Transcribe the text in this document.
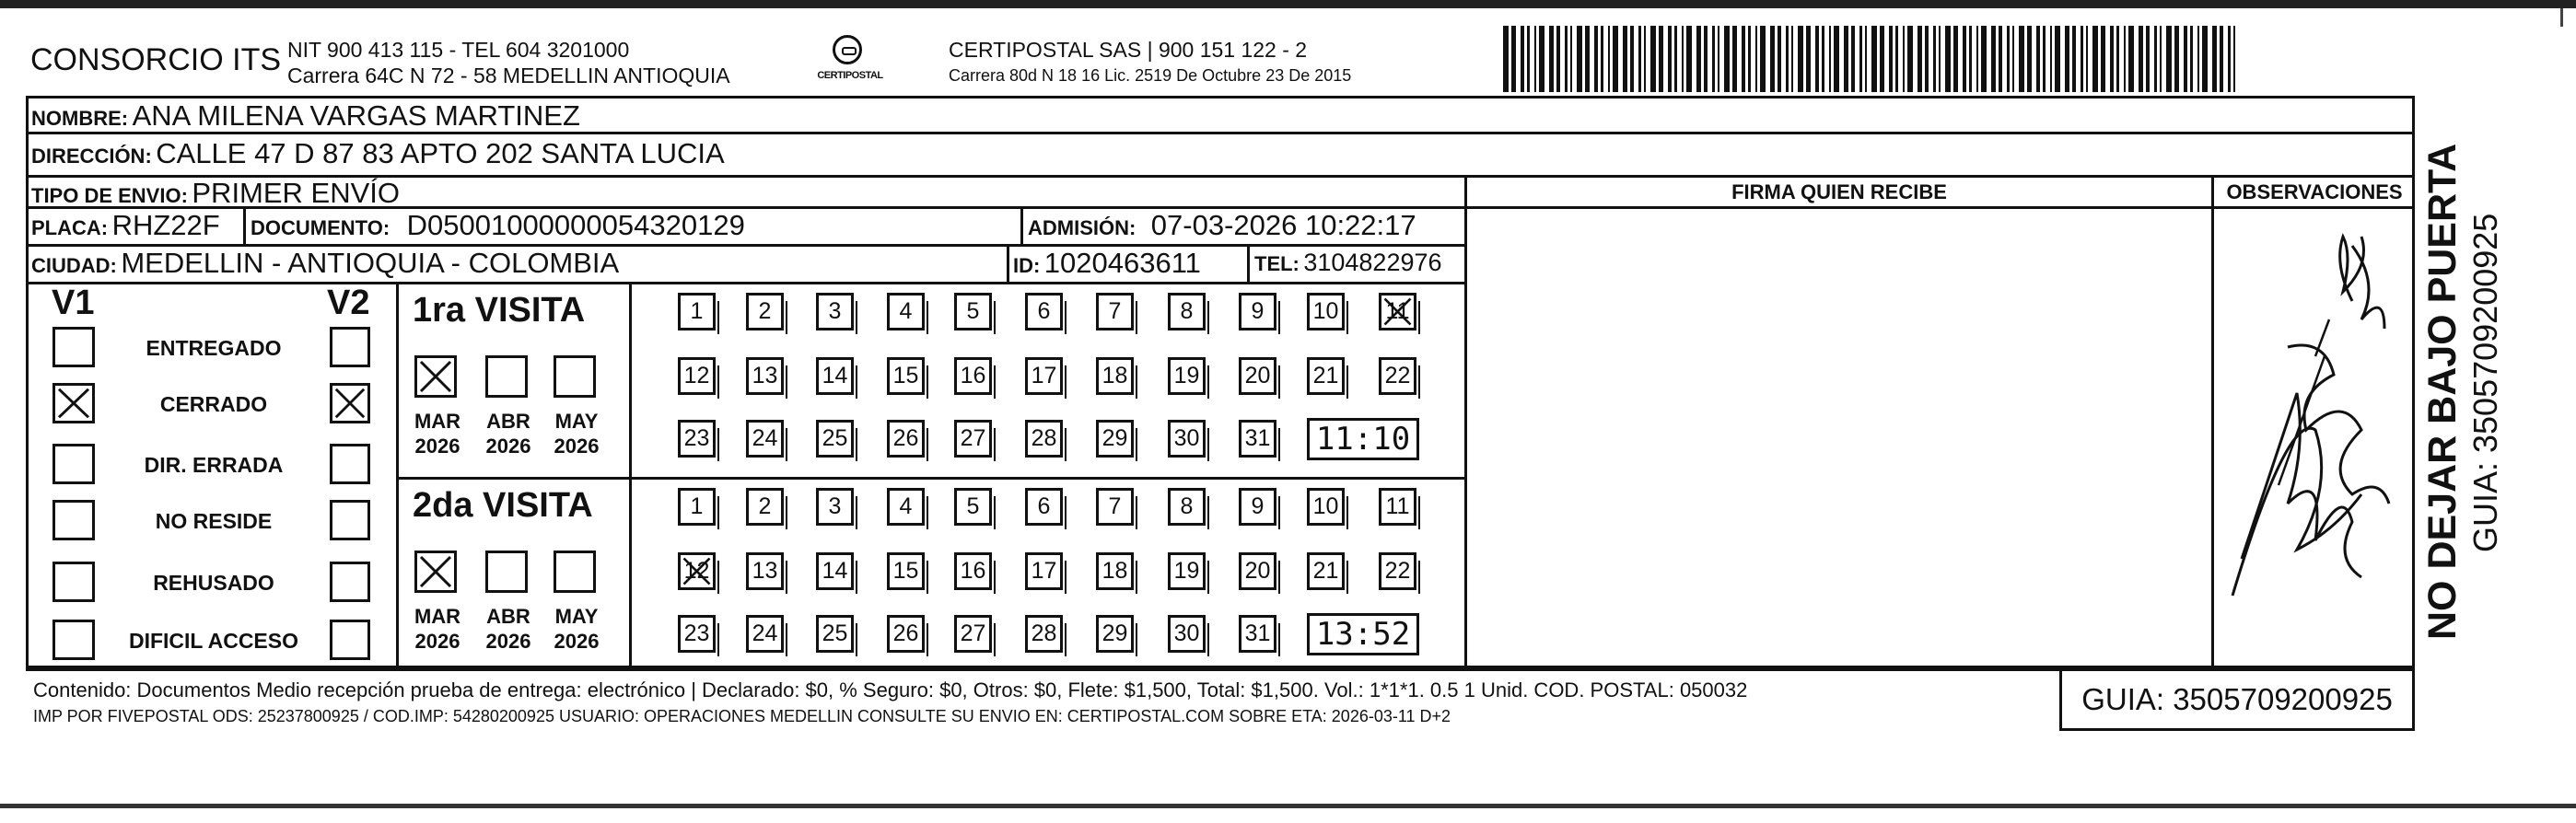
CONSORCIO ITS NIT 900 413 115 - TEL 604 3201000
Carrera 64C N 72 - 58 MEDELLIN ANTIOQUIA	CERTIPOSTAL
CERTIPOSTAL SAS | 900 151 122 - 2
Carrera 80d N 18 16 Lic. 2519 De Octubre 23 De 2015
NOMBRE: ANA MILENA VARGAS MARTINEZ
DIRECCIÓN: CALLE 47 D 87 83 APTO 202 SANTA LUCIA
TIPO DE ENVIO: PRIMER ENVÍO
PLACA: RHZ22F DOCUMENTO: D05001000000054320129	ADMISIÓN: 07-03-2026 10:22:17
CIUDAD: MEDELLIN - ANTIOQUIA - COLOMBIA	ID: 1020463611	TEL: 3104822976
FIRMA QUIEN RECIBE	OBSERVACIONES
V1	V2
ENTREGADO
CERRADO
DIR. ERRADA
NO RESIDE
REHUSADO
DIFICIL ACCESO
1ra VISITA
MAR
2026
ABR
2026
MAY
2026
1 2 3	4 5	6	7	8	9 10 11
12 13 14 15 16 17 18 19 20 21 22
23 24 25 26 27 28 29 30 31 11:10
2da VISITA
MAR
2026
ABR
2026
MAY
2026
1 2 3	4 5	6	7	8	9 10 11
12 13 14 15 16 17 18 19 20 21 22
23 24 25 26 27 28 29 30 31 13:52
Contenido: Documentos Medio recepción prueba de entrega: electrónico | Declarado: $0, % Seguro: $0, Otros: $0, Flete: $1,500, Total: $1,500. Vol.: 1*1*1. 0.5 1 Unid. COD. POSTAL: 050032
IMP POR FIVEPOSTAL ODS: 25237800925 / COD.IMP: 54280200925 USUARIO: OPERACIONES MEDELLIN CONSULTE SU ENVIO EN: CERTIPOSTAL.COM SOBRE ETA: 2026-03-11 D+2	GUIA: 3505709200925
NO DEJAR BAJO PUERTA GUIA: 3505709200925
